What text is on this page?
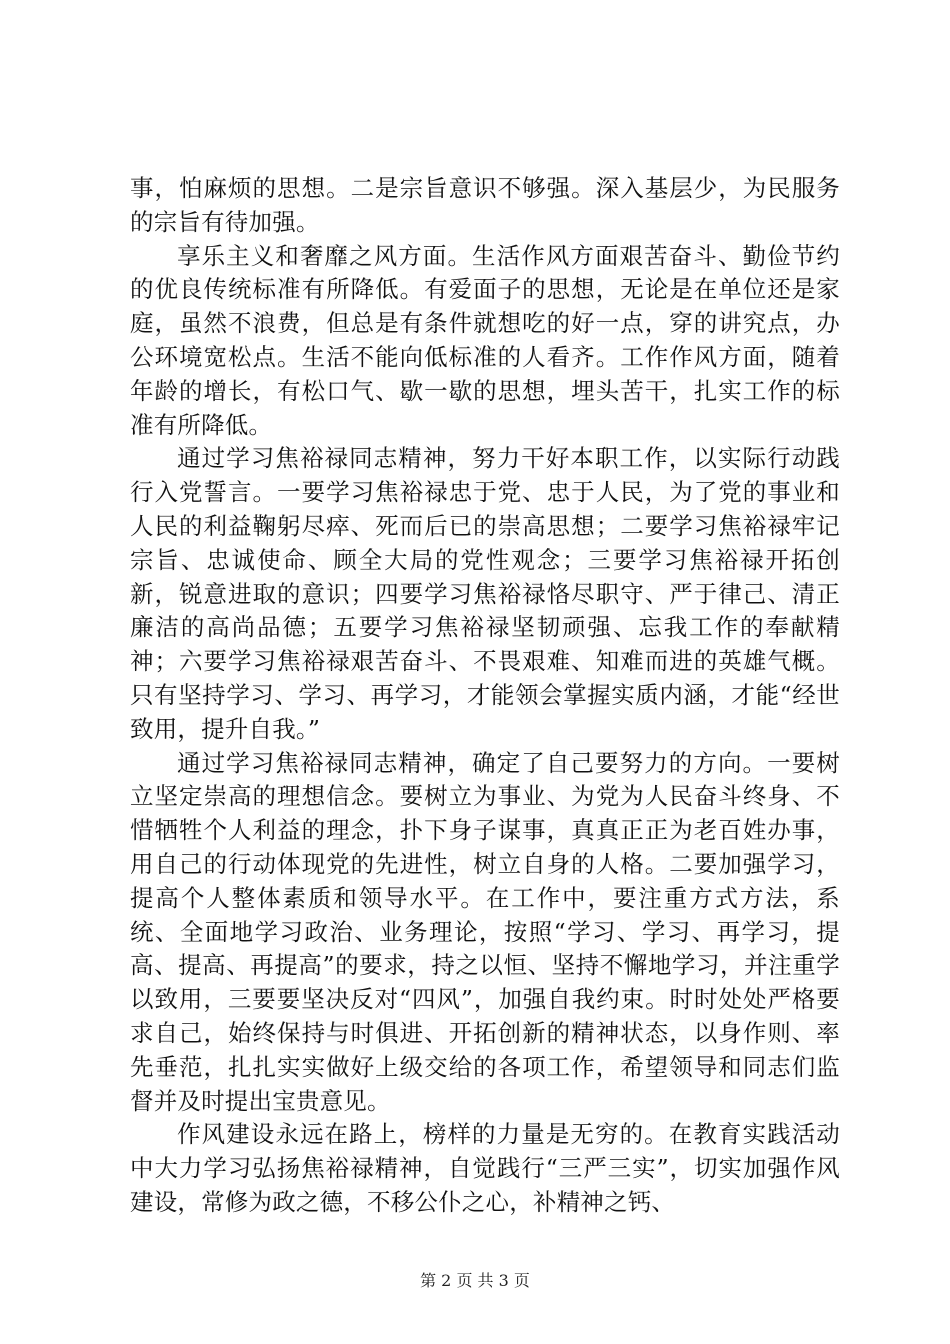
事，怕麻烦的思想。二是宗旨意识不够强。深入基层少，为民服务的宗旨有待加强。

享乐主义和奢靡之风方面。生活作风方面艰苦奋斗、勤俭节约的优良传统标准有所降低。有爱面子的思想，无论是在单位还是家庭，虽然不浪费，但总是有条件就想吃的好一点，穿的讲究点，办公环境宽松点。生活不能向低标准的人看齐。工作作风方面，随着年龄的增长，有松口气、歇一歇的思想，埋头苦干，扎实工作的标准有所降低。

通过学习焦裕禄同志精神，努力干好本职工作，以实际行动践行入党誓言。一要学习焦裕禄忠于党、忠于人民，为了党的事业和人民的利益鞠躬尽瘁、死而后已的崇高思想；二要学习焦裕禄牢记宗旨、忠诚使命、顾全大局的党性观念；三要学习焦裕禄开拓创新，锐意进取的意识；四要学习焦裕禄恪尽职守、严于律己、清正廉洁的高尚品德；五要学习焦裕禄坚韧顽强、忘我工作的奉献精神；六要学习焦裕禄艰苦奋斗、不畏艰难、知难而进的英雄气概。只有坚持学习、学习、再学习，才能领会掌握实质内涵，才能“经世致用，提升自我。”

通过学习焦裕禄同志精神，确定了自己要努力的方向。一要树立坚定崇高的理想信念。要树立为事业、为党为人民奋斗终身、不惜牺牲个人利益的理念，扑下身子谋事，真真正正为老百姓办事，用自己的行动体现党的先进性，树立自身的人格。二要加强学习，提高个人整体素质和领导水平。在工作中，要注重方式方法，系统、全面地学习政治、业务理论，按照“学习、学习、再学习，提高、提高、再提高”的要求，持之以恒、坚持不懈地学习，并注重学以致用，三要要坚决反对“四风”，加强自我约束。时时处处严格要求自己，始终保持与时俱进、开拓创新的精神状态，以身作则、率先垂范，扎扎实实做好上级交给的各项工作，希望领导和同志们监督并及时提出宝贵意见。

作风建设永远在路上，榜样的力量是无穷的。在教育实践活动中大力学习弘扬焦裕禄精神，自觉践行“三严三实”，切实加强作风建设，常修为政之德，不移公仆之心，补精神之钙、

第 2 页 共 3 页
